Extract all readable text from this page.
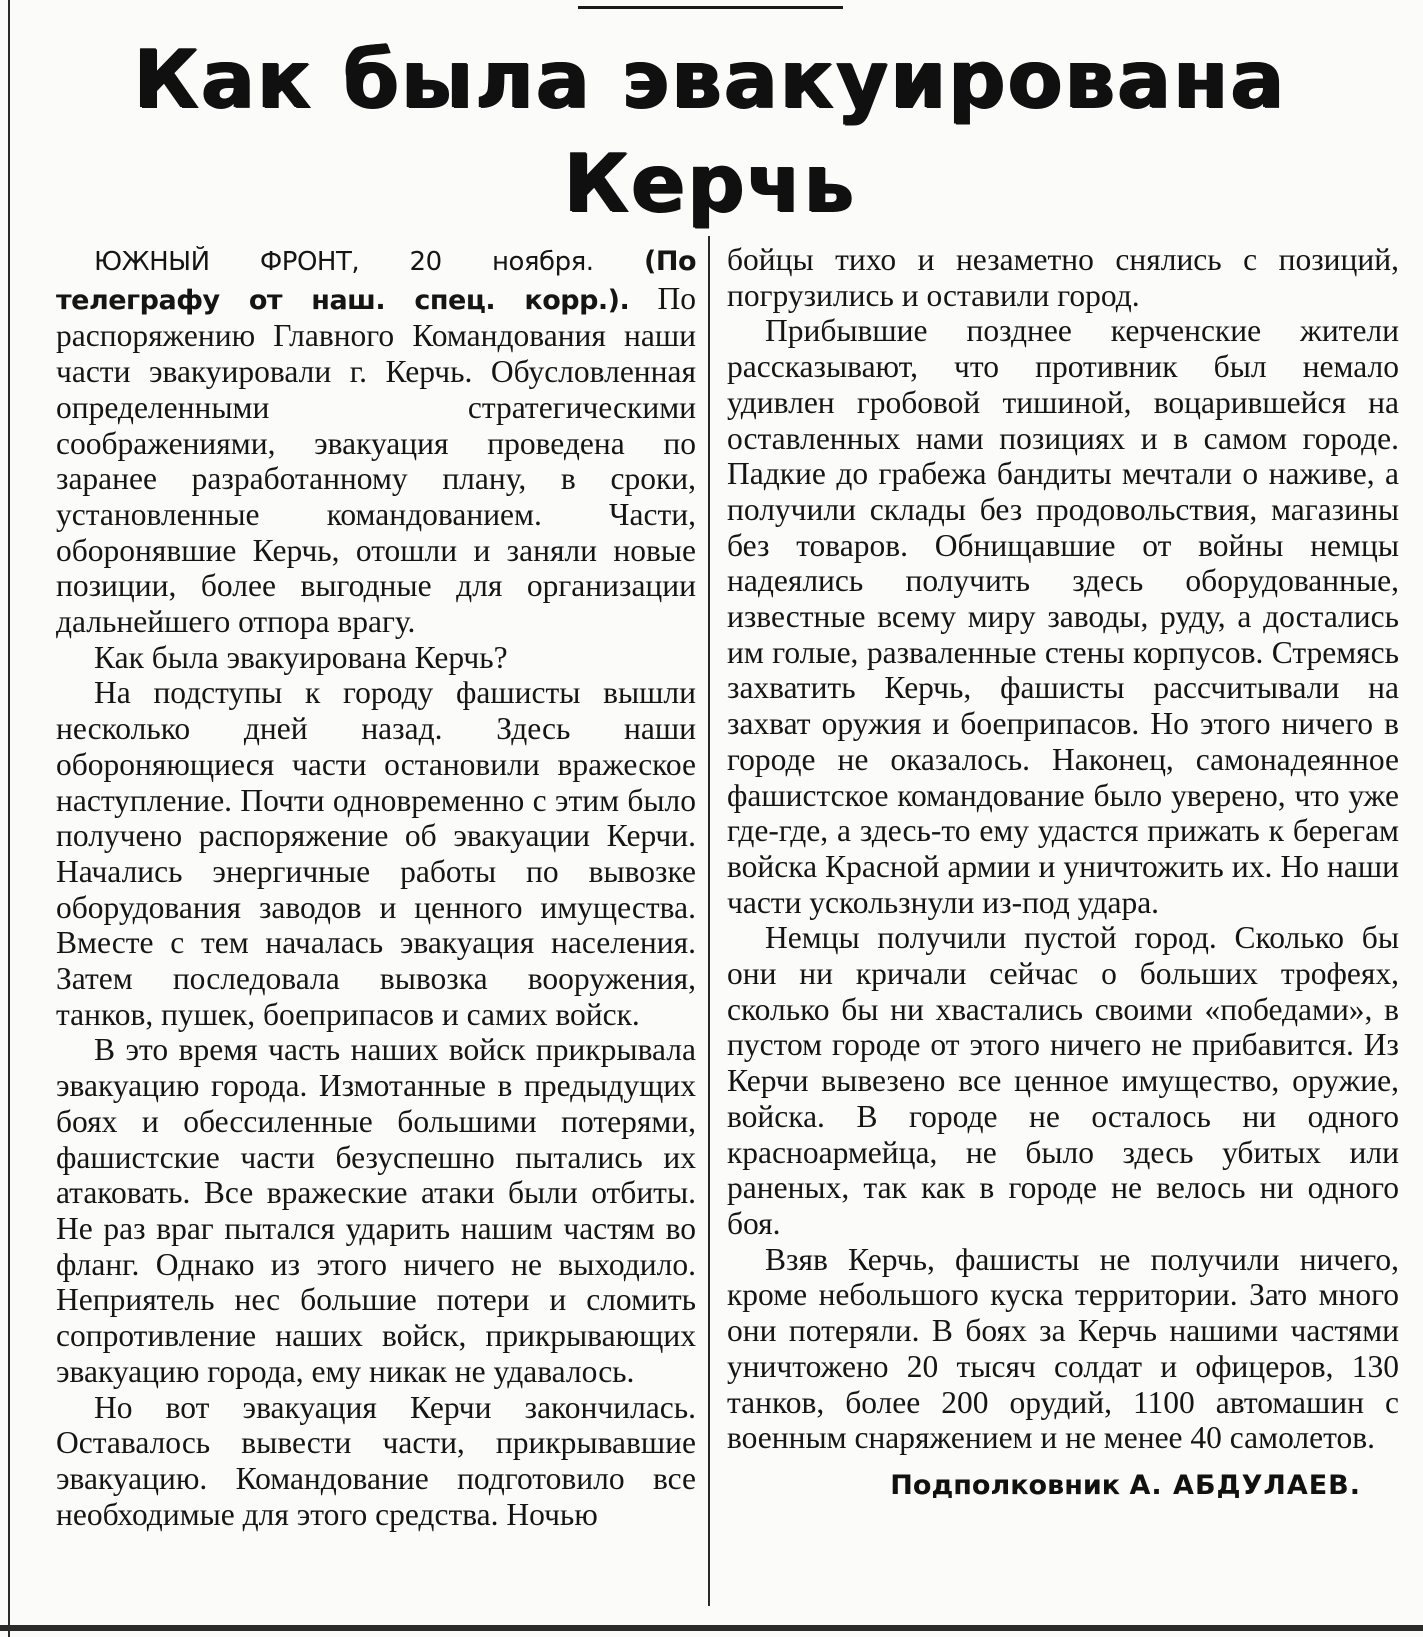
Как была эвакуирована
Керчь

ЮЖНЫЙ ФРОНТ, 20 ноября. (По телеграфу от наш. спец. корр.). По распоряжению Главного Командования наши части эвакуировали г. Керчь. Обусловленная определенными стратегическими соображениями, эвакуация проведена по заранее разработанному плану, в сроки, установленные командованием. Части, оборонявшие Керчь, отошли и заняли новые позиции, более выгодные для организации дальнейшего отпора врагу.

Как была эвакуирована Керчь?

На подступы к городу фашисты вышли несколько дней назад. Здесь наши обороняющиеся части остановили вражеское наступление. Почти одновременно с этим было получено распоряжение об эвакуации Керчи. Начались энергичные работы по вывозке оборудования заводов и ценного имущества. Вместе с тем началась эвакуация населения. Затем последовала вывозка вооружения, танков, пушек, боеприпасов и самих войск.

В это время часть наших войск прикрывала эвакуацию города. Измотанные в предыдущих боях и обессиленные большими потерями, фашистские части безуспешно пытались их атаковать. Все вражеские атаки были отбиты. Не раз враг пытался ударить нашим частям во фланг. Однако из этого ничего не выходило. Неприятель нес большие потери и сломить сопротивление наших войск, прикрывающих эвакуацию города, ему никак не удавалось.

Но вот эвакуация Керчи закончилась. Оставалось вывести части, прикрывавшие эвакуацию. Командование подготовило все необходимые для этого средства. Ночью

бойцы тихо и незаметно снялись с позиций, погрузились и оставили город.

Прибывшие позднее керченские жители рассказывают, что противник был немало удивлен гробовой тишиной, воцарившейся на оставленных нами позициях и в самом городе. Падкие до грабежа бандиты мечтали о наживе, а получили склады без продовольствия, магазины без товаров. Обнищавшие от войны немцы надеялись получить здесь оборудованные, известные всему миру заводы, руду, а достались им голые, развaленные стены корпусов. Стремясь захватить Керчь, фашисты рассчитывали на захват оружия и боеприпасов. Но этого ничего в городе не оказалось. Наконец, самонадеянное фашистское командование было уверено, что уже где-где, а здесь-то ему удастся прижать к берегам войска Красной армии и уничтожить их. Но наши части ускользнули из-под удара.

Немцы получили пустой город. Сколько бы они ни кричали сейчас о больших трофеях, сколько бы ни хвастались своими «победами», в пустом городе от этого ничего не прибавится. Из Керчи вывезено все ценное имущество, оружие, войска. В городе не осталось ни одного красноармейца, не было здесь убитых или раненых, так как в городе не велось ни одного боя.

Взяв Керчь, фашисты не получили ничего, кроме небольшого куска территории. Зато много они потеряли. В боях за Керчь нашими частями уничтожено 20 тысяч солдат и офицеров, 130 танков, более 200 орудий, 1100 автомашин с военным снаряжением и не менее 40 самолетов.

Подполковник А. АБДУЛАЕВ.
